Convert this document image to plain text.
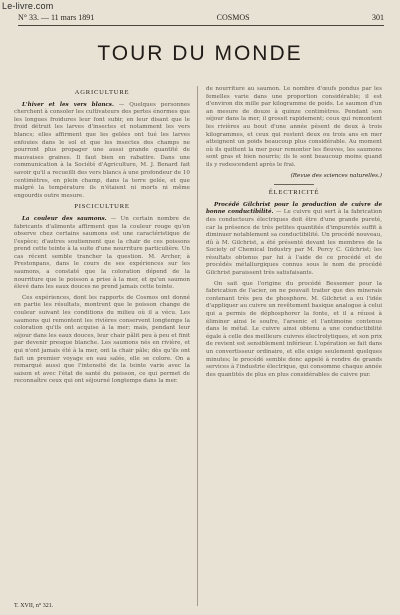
Le-livre.com
N° 33. — 11 mars 1891	COSMOS	301
TOUR DU MONDE
AGRICULTURE

L'hiver et les vers blancs. — Quelques personnes cherchent à consoler les cultivateurs des pertes énormes que les longues froidures leur font subir, en leur disant que le froid détruit les larves d'insectes et notamment les vers blancs; elles affirment que les gelées ont tué les larves enfouies dans le sol et que les insectes des champs ne pourront plus propager une aussi grande quantité de mauvaises graines. Il faut bien en rabattre. Dans une communication à la Société d'Agriculture, M. J. Benard fait savoir qu'il a recueilli des vers blancs à une profondeur de 10 centimètres, en plein champ, dans la terre gelée, et que malgré la température ils n'étaient ni morts ni même engourdis outre mesure.

PISCICULTURE

La couleur des saumons. — Un certain nombre de fabricants d'aliments affirment que la couleur rouge qu'on observe chez certains saumons est une caractéristique de l'espèce; d'autres soutiennent que la chair de ces poissons prend cette teinte à la suite d'une nourriture particulière. Un cas récent semble trancher la question. M. Archer, à Prestonpans, dans le cours de ses expériences sur les saumons, a constaté que la coloration dépend de la nourriture que le poisson a prise à la mer, et qu'un saumon élevé dans les eaux douces ne prend jamais cette teinte.

Ces expériences, dont les rapports de Cosmos ont donné en partie les résultats, montrent que le poisson change de couleur suivant les conditions du milieu où il a vécu. Les saumons qui remontent les rivières conservent longtemps la coloration qu'ils ont acquise à la mer; mais, pendant leur séjour dans les eaux douces, leur chair pâlit peu à peu et finit par devenir presque blanche. Les saumons nés en rivière, et qui n'ont jamais été à la mer, ont la chair pâle; dès qu'ils ont fait un premier voyage en eau salée, elle se colore. On a remarqué aussi que l'intensité de la teinte varie avec la saison et avec l'état de santé du poisson, ce qui permet de reconnaître ceux qui ont séjourné longtemps dans la mer.

de nourriture au saumon. Le nombre d'œufs pondus par les femelles varie dans une proportion considérable; il est d'environ dix mille par kilogramme de poids. Le saumon d'un an mesure de douze à quinze centimètres. Pendant son séjour dans la mer, il grossit rapidement; ceux qui remontent les rivières au bout d'une année pèsent de deux à trois kilogrammes, et ceux qui restent deux ou trois ans en mer atteignent un poids beaucoup plus considérable. Au moment où ils quittent la mer pour remonter les fleuves, les saumons sont gras et bien nourris; ils le sont beaucoup moins quand ils y redescendent après le frai.

(Revue des sciences naturelles.)
ÉLECTRICITÉ

Procédé Gilchrist pour la production de cuivre de bonne conductibilité. — Le cuivre qui sert à la fabrication des conducteurs électriques doit être d'une grande pureté, car la présence de très petites quantités d'impuretés suffit à diminuer notablement sa conductibilité. Un procédé nouveau, dû à M. Gilchrist, a été présenté devant les membres de la Society of Chemical Industry par M. Percy C. Gilchrist; les résultats obtenus par lui à l'aide de ce procédé et de procédés métallurgiques connus sous le nom de procédé Gilchrist paraissent très satisfaisants.

On sait que l'origine du procédé Bessemer pour la fabrication de l'acier, on ne pouvait traiter que des minerais contenant très peu de phosphore. M. Gilchrist a eu l'idée d'appliquer au cuivre un revêtement basique analogue à celui qui a permis de déphosphorer la fonte, et il a réussi à éliminer ainsi le soufre, l'arsenic et l'antimoine contenus dans le métal. Le cuivre ainsi obtenu a une conductibilité égale à celle des meilleurs cuivres électrolytiques, et son prix de revient est sensiblement inférieur. L'opération se fait dans un convertisseur ordinaire, et elle exige seulement quelques minutes; le procédé semble donc appelé à rendre de grands services à l'industrie électrique, qui consomme chaque année des quantités de plus en plus considérables de cuivre pur.

T. XVII, n° 321.
